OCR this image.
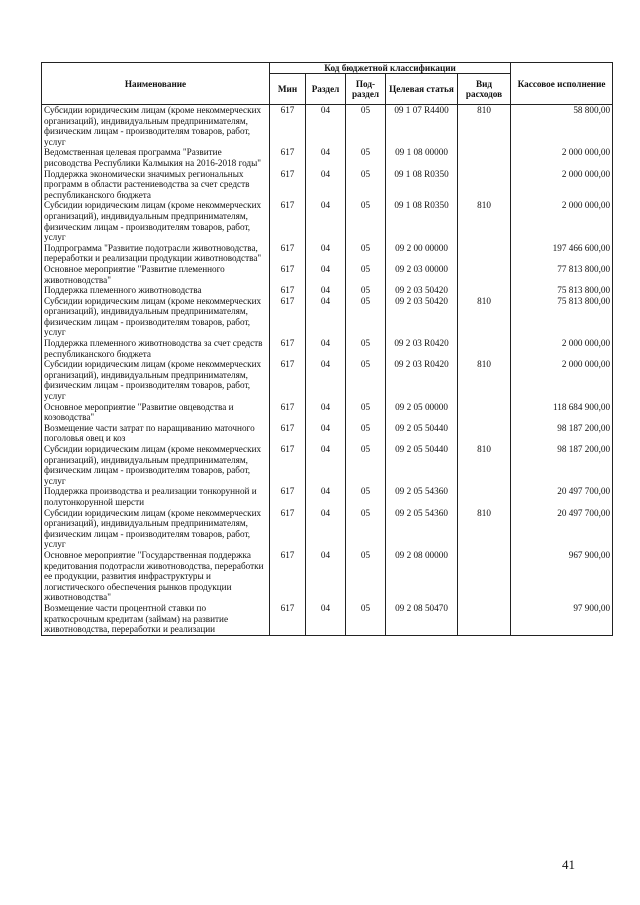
Наименование	Код бюджетной классификации					Кассовое исполнение
	Мин	Раздел	Под-раздел	Целевая статья	Вид расходов	
Субсидии юридическим лицам (кроме некоммерческих организаций), индивидуальным предпринимателям, физическим лицам - производителям товаров, работ, услуг	617	04	05	09 1 07 R4400	810	58 800,00
Ведомственная целевая программа "Развитие рисоводства Республики Калмыкия на 2016-2018 годы"	617	04	05	09 1 08 00000		2 000 000,00
Поддержка экономически значимых региональных программ в области растениеводства за счет средств республиканского бюджета	617	04	05	09 1 08 R0350		2 000 000,00
Субсидии юридическим лицам (кроме некоммерческих организаций), индивидуальным предпринимателям, физическим лицам - производителям товаров, работ, услуг	617	04	05	09 1 08 R0350	810	2 000 000,00
Подпрограмма "Развитие подотрасли животноводства, переработки и реализации продукции животноводства"	617	04	05	09 2 00 00000		197 466 600,00
Основное мероприятие "Развитие племенного животноводства"	617	04	05	09 2 03 00000		77 813 800,00
Поддержка племенного животноводства	617	04	05	09 2 03 50420		75 813 800,00
Субсидии юридическим лицам (кроме некоммерческих организаций), индивидуальным предпринимателям, физическим лицам - производителям товаров, работ, услуг	617	04	05	09 2 03 50420	810	75 813 800,00
Поддержка племенного животноводства за счет средств республиканского бюджета	617	04	05	09 2 03 R0420		2 000 000,00
Субсидии юридическим лицам (кроме некоммерческих организаций), индивидуальным предпринимателям, физическим лицам - производителям товаров, работ, услуг	617	04	05	09 2 03 R0420	810	2 000 000,00
Основное мероприятие "Развитие овцеводства и козоводства"	617	04	05	09 2 05 00000		118 684 900,00
Возмещение части затрат по наращиванию маточного поголовья овец и коз	617	04	05	09 2 05 50440		98 187 200,00
Субсидии юридическим лицам (кроме некоммерческих организаций), индивидуальным предпринимателям, физическим лицам - производителям товаров, работ, услуг	617	04	05	09 2 05 50440	810	98 187 200,00
Поддержка производства и реализации тонкорунной и полутонкорунной шерсти	617	04	05	09 2 05 54360		20 497 700,00
Субсидии юридическим лицам (кроме некоммерческих организаций), индивидуальным предпринимателям, физическим лицам - производителям товаров, работ, услуг	617	04	05	09 2 05 54360	810	20 497 700,00
Основное мероприятие "Государственная поддержка кредитования подотрасли животноводства, переработки ее продукции, развития инфраструктуры и логистического обеспечения рынков продукции животноводства"	617	04	05	09 2 08 00000		967 900,00
Возмещение части процентной ставки по краткосрочным кредитам (займам) на развитие животноводства, переработки и реализации	617	04	05	09 2 08 50470		97 900,00
41
